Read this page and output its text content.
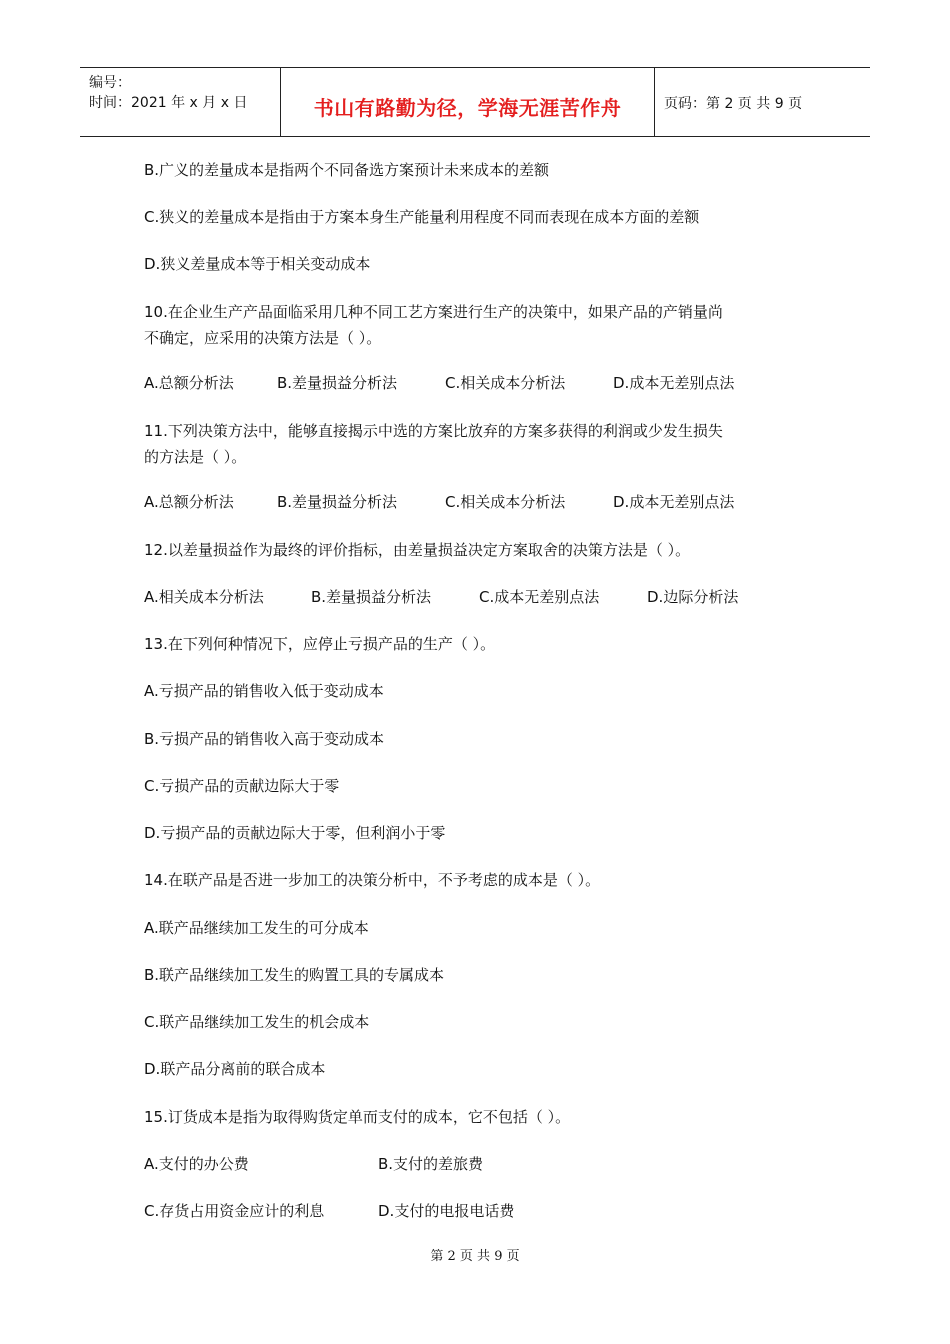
编号：
时间：2021 年 x 月 x 日	书山有路勤为径，学海无涯苦作舟	页码：第 2 页 共 9 页
B.广义的差量成本是指两个不同备选方案预计未来成本的差额
C.狭义的差量成本是指由于方案本身生产能量利用程度不同而表现在成本方面的差额
D.狭义差量成本等于相关变动成本
10.在企业生产产品面临采用几种不同工艺方案进行生产的决策中，如果产品的产销量尚
不确定，应采用的决策方法是（ ）。
A.总额分析法	B.差量损益分析法	C.相关成本分析法	D.成本无差别点法
11.下列决策方法中，能够直接揭示中选的方案比放弃的方案多获得的利润或少发生损失
的方法是（ ）。
A.总额分析法	B.差量损益分析法	C.相关成本分析法	D.成本无差别点法
12.以差量损益作为最终的评价指标，由差量损益决定方案取舍的决策方法是（ ）。
A.相关成本分析法	B.差量损益分析法	C.成本无差别点法	D.边际分析法
13.在下列何种情况下，应停止亏损产品的生产（ ）。
A.亏损产品的销售收入低于变动成本
B.亏损产品的销售收入高于变动成本
C.亏损产品的贡献边际大于零
D.亏损产品的贡献边际大于零，但利润小于零
14.在联产品是否进一步加工的决策分析中，不予考虑的成本是（ ）。
A.联产品继续加工发生的可分成本
B.联产品继续加工发生的购置工具的专属成本
C.联产品继续加工发生的机会成本
D.联产品分离前的联合成本
15.订货成本是指为取得购货定单而支付的成本，它不包括（ ）。
A.支付的办公费	B.支付的差旅费
C.存货占用资金应计的利息	D.支付的电报电话费
第 2 页 共 9 页
